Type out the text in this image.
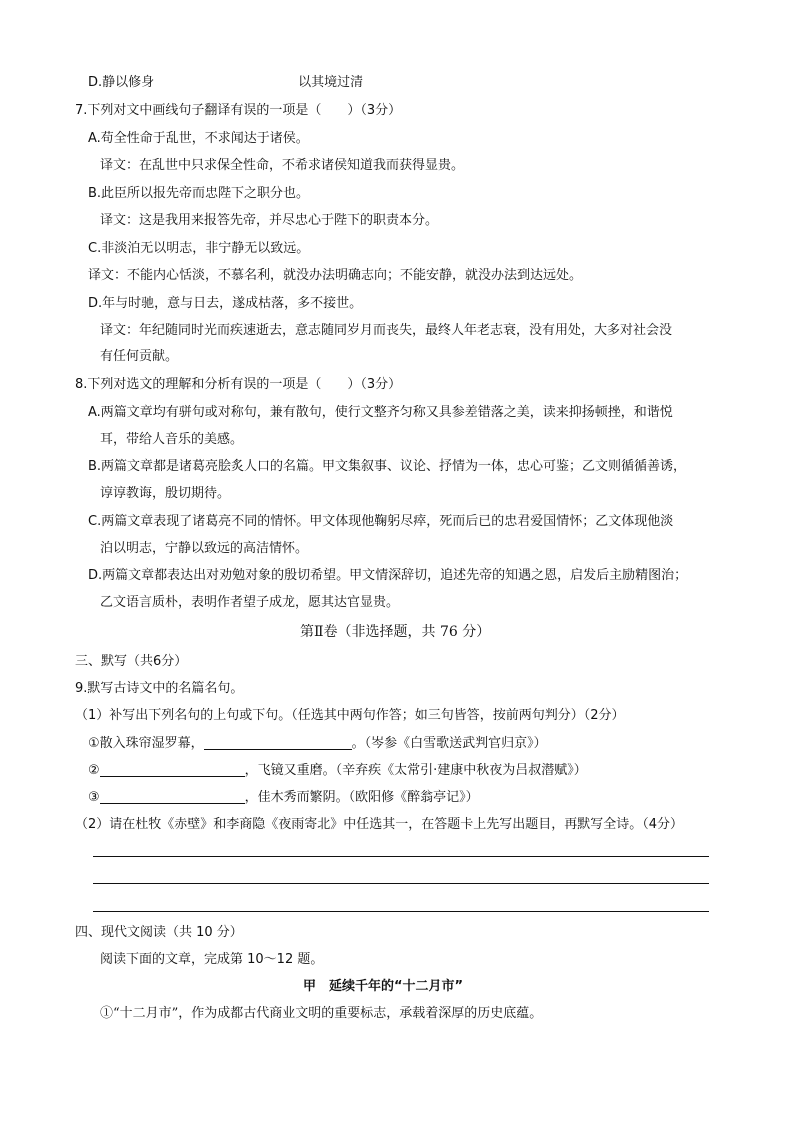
D.静以修身	以其境过清
7.下列对文中画线句子翻译有误的一项是（　　）（3分）
A.苟全性命于乱世，不求闻达于诸侯。
译文：在乱世中只求保全性命，不希求诸侯知道我而获得显贵。
B.此臣所以报先帝而忠陛下之职分也。
译文：这是我用来报答先帝，并尽忠心于陛下的职责本分。
C.非淡泊无以明志，非宁静无以致远。
译文：不能内心恬淡，不慕名利，就没办法明确志向；不能安静，就没办法到达远处。
D.年与时驰，意与日去，遂成枯落，多不接世。
译文：年纪随同时光而疾速逝去，意志随同岁月而丧失，最终人年老志衰，没有用处，大多对社会没
有任何贡献。
8.下列对选文的理解和分析有误的一项是（　　）（3分）
A.两篇文章均有骈句或对称句，兼有散句，使行文整齐匀称又具参差错落之美，读来抑扬顿挫，和谐悦
耳，带给人音乐的美感。
B.两篇文章都是诸葛亮脍炙人口的名篇。甲文集叙事、议论、抒情为一体，忠心可鉴；乙文则循循善诱，
谆谆教诲，殷切期待。
C.两篇文章表现了诸葛亮不同的情怀。甲文体现他鞠躬尽瘁，死而后已的忠君爱国情怀；乙文体现他淡
泊以明志，宁静以致远的高洁情怀。
D.两篇文章都表达出对劝勉对象的殷切希望。甲文情深辞切，追述先帝的知遇之恩，启发后主励精图治；
乙文语言质朴，表明作者望子成龙，愿其达官显贵。
第Ⅱ卷（非选择题，共 76 分）
三、默写（共6分）
9.默写古诗文中的名篇名句。
（1）补写出下列名句的上句或下句。（任选其中两句作答；如三句皆答，按前两句判分）（2分）
①散入珠帘湿罗幕，	。（岑参《白雪歌送武判官归京》）
②	，飞镜又重磨。（辛弃疾《太常引·建康中秋夜为吕叔潜赋》）
③	，佳木秀而繁阴。（欧阳修《醉翁亭记》）
（2）请在杜牧《赤壁》和李商隐《夜雨寄北》中任选其一，在答题卡上先写出题目，再默写全诗。（4分）
四、现代文阅读（共 10 分）
阅读下面的文章，完成第 10～12 题。
甲　延续千年的“十二月市”
①“十二月市”，作为成都古代商业文明的重要标志，承载着深厚的历史底蕴。
